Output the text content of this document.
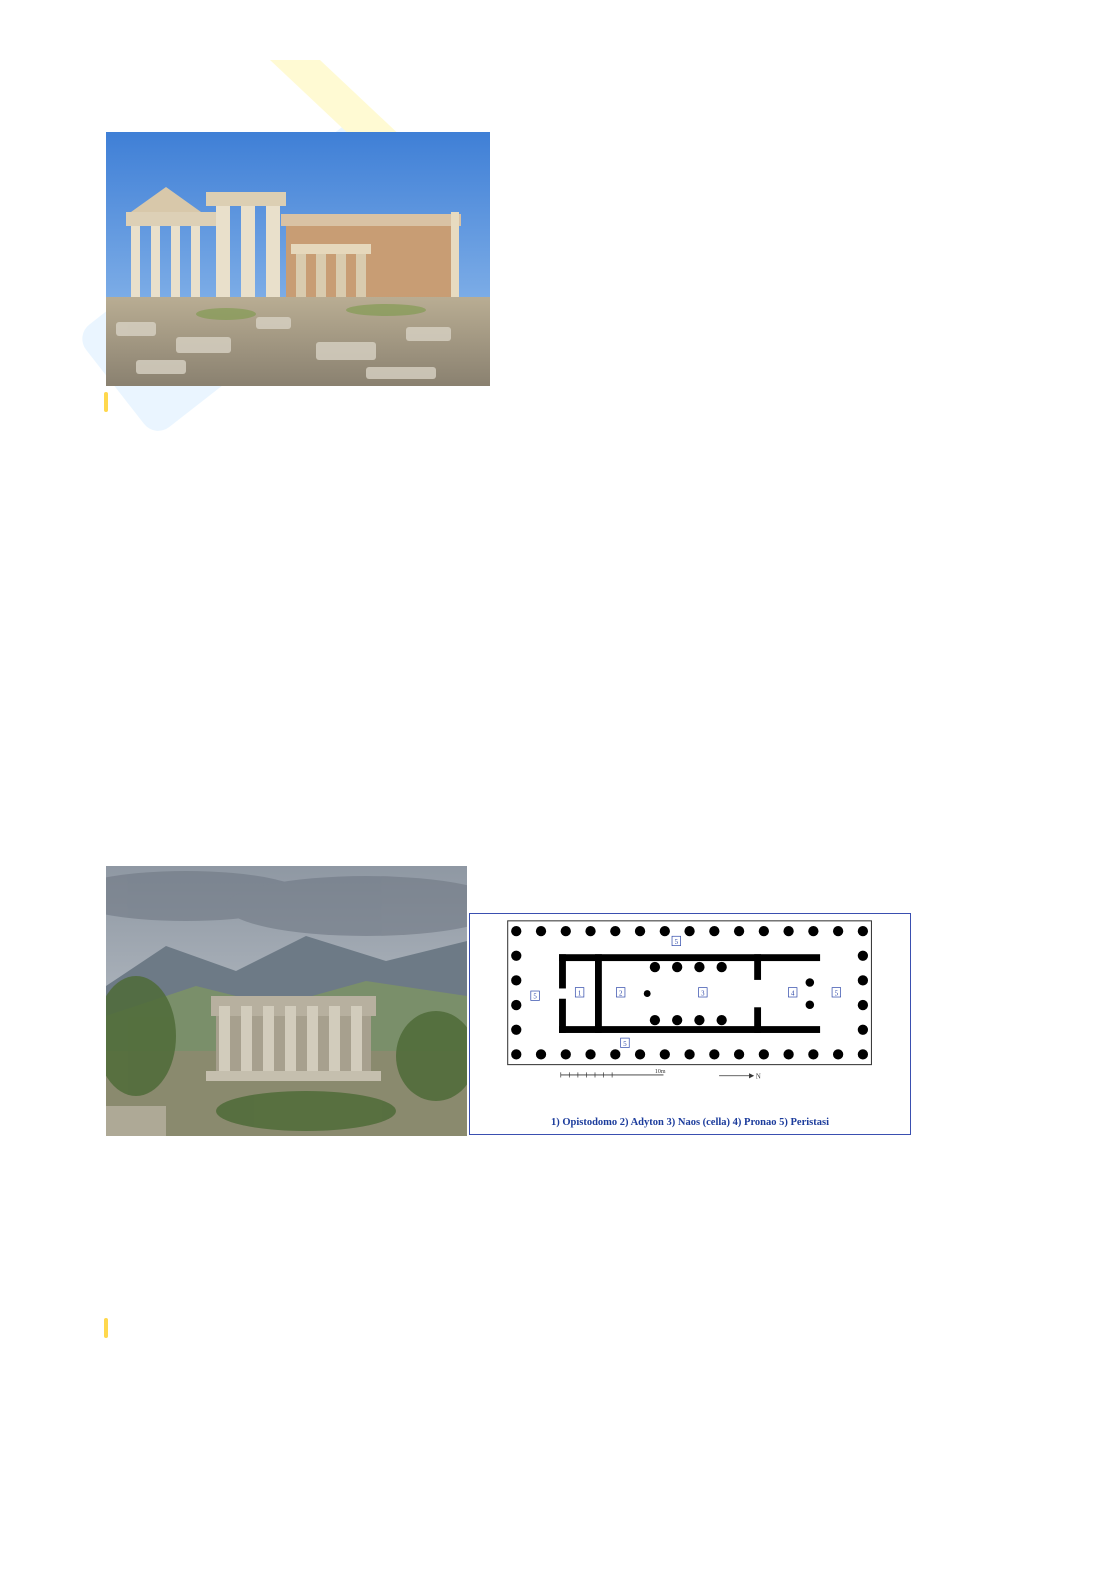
5	1	2	3	4	5
5
5
10m
N
1) Opistodomo 2) Adyton 3) Naos (cella) 4) Pronao 5) Peristasi
